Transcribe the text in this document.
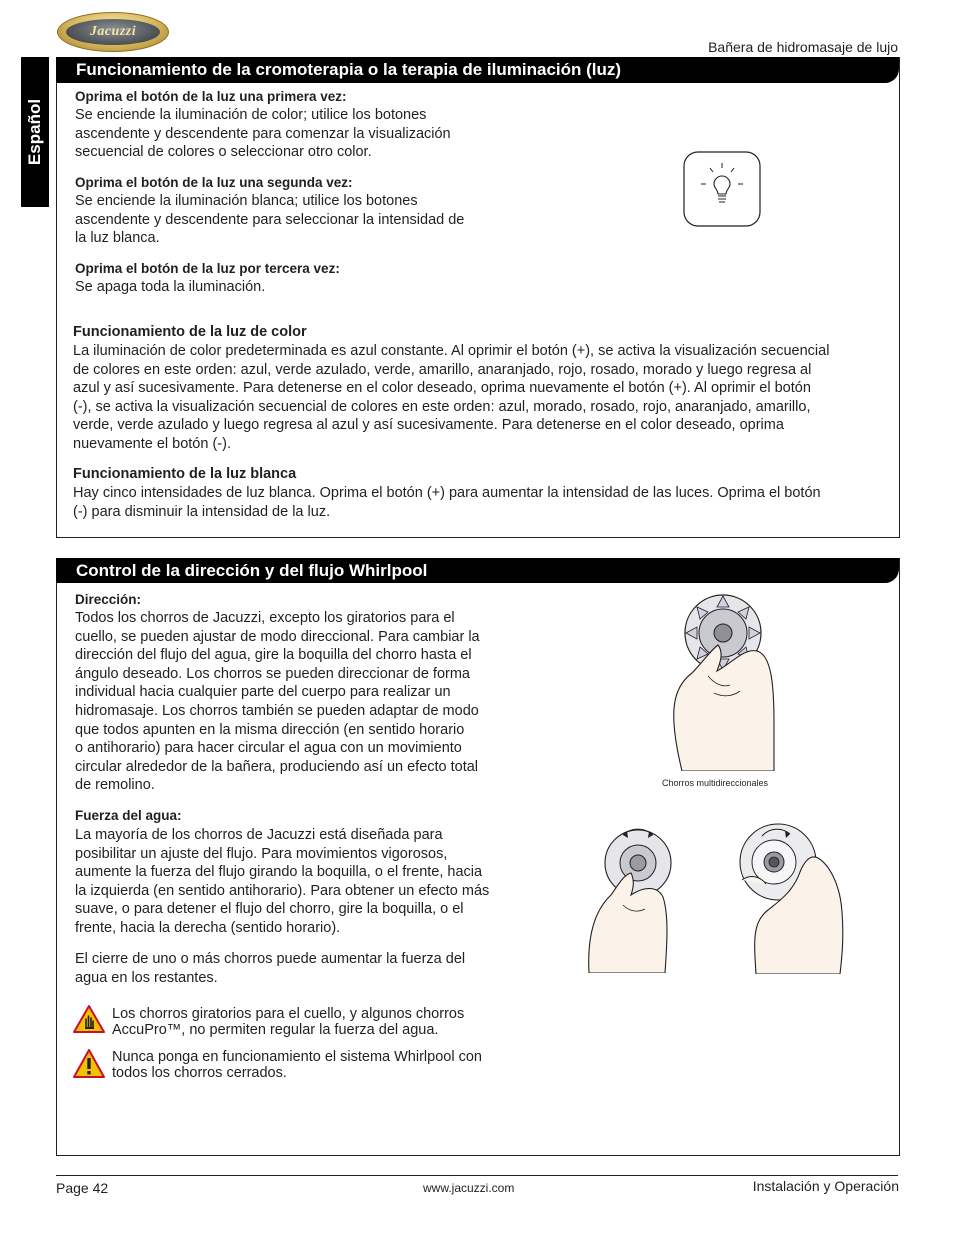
Jacuzzi
Bañera de hidromasaje de lujo
Español
Funcionamiento de la cromoterapia o la terapia de iluminación (luz)
Oprima el botón de la luz una primera vez:
Se enciende la iluminación de color; utilice los botones
ascendente y descendente para comenzar la visualización
secuencial de colores o seleccionar otro color.
Oprima el botón de la luz una segunda vez:
Se enciende la iluminación blanca; utilice los botones
ascendente y descendente para seleccionar la intensidad de
la luz blanca.
Oprima el botón de la luz por tercera vez:
Se apaga toda la iluminación.
Funcionamiento de la luz de color
La iluminación de color predeterminada es azul constante. Al oprimir el botón (+), se activa la visualización secuencial
de colores en este orden: azul, verde azulado, verde, amarillo, anaranjado, rojo, rosado, morado y luego regresa al
azul y así sucesivamente. Para detenerse en el color deseado, oprima nuevamente el botón (+). Al oprimir el botón
(-), se activa la visualización secuencial de colores en este orden: azul, morado, rosado, rojo, anaranjado, amarillo,
verde, verde azulado y luego regresa al azul y así sucesivamente. Para detenerse en el color deseado, oprima
nuevamente el botón (-).
Funcionamiento de la luz blanca
Hay cinco intensidades de luz blanca. Oprima el botón (+) para aumentar la intensidad de las luces. Oprima el botón
(-) para disminuir la intensidad de la luz.
Control de la dirección y del flujo Whirlpool
Dirección:
Todos los chorros de Jacuzzi, excepto los giratorios para el
cuello, se pueden ajustar de modo direccional. Para cambiar la
dirección del flujo del agua, gire la boquilla del chorro hasta el
ángulo deseado. Los chorros se pueden direccionar de forma
individual hacia cualquier parte del cuerpo para realizar un
hidromasaje. Los chorros también se pueden adaptar de modo
que todos apunten en la misma dirección (en sentido horario
o antihorario) para hacer circular el agua con un movimiento
circular alrededor de la bañera, produciendo así un efecto total
de remolino.	Chorros multidireccionales
Fuerza del agua:
La mayoría de los chorros de Jacuzzi está diseñada para
posibilitar un ajuste del flujo. Para movimientos vigorosos,
aumente la fuerza del flujo girando la boquilla, o el frente, hacia
la izquierda (en sentido antihorario). Para obtener un efecto más
suave, o para detener el flujo del chorro, gire la boquilla, o el
frente, hacia la derecha (sentido horario).
El cierre de uno o más chorros puede aumentar la fuerza del
agua en los restantes.
Los chorros giratorios para el cuello, y algunos chorros
AccuPro™, no permiten regular la fuerza del agua.
Nunca ponga en funcionamiento el sistema Whirlpool con
todos los chorros cerrados.
Page 42	www.jacuzzi.com	Instalación y Operación
